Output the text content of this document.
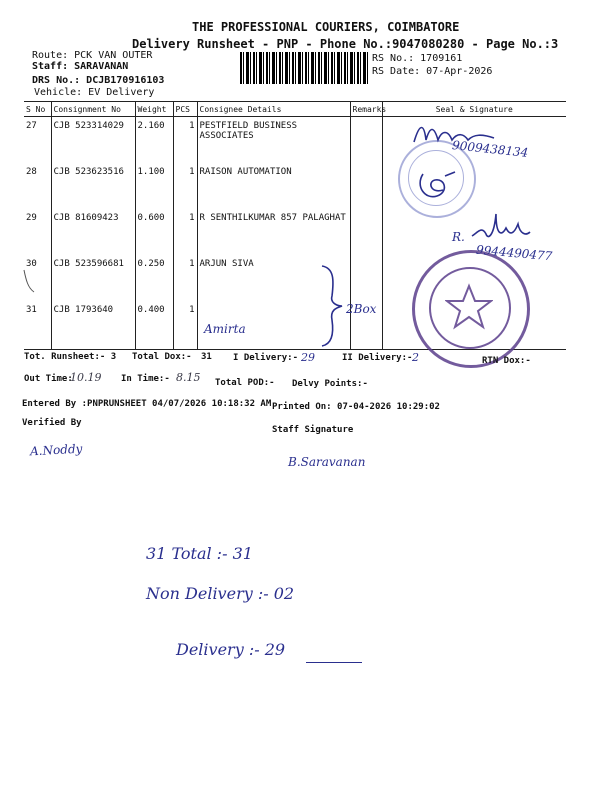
THE PROFESSIONAL COURIERS, COIMBATORE
Delivery Runsheet - PNP - Phone No.:9047080280 - Page No.:3
Route: PCK VAN OUTER
Staff: SARAVANAN
DRS No.: DCJB170916103
Vehicle: EV Delivery
RS No.: 1709161
RS Date: 07-Apr-2026
S No	Consignment No	Weight	PCS	Consignee Details	Remarks	Seal & Signature
27	CJB 523314029	2.160	1	PESTFIELD BUSINESS ASSOCIATES		
28	CJB 523623516	1.100	1	RAISON AUTOMATION		
29	CJB 81609423	0.600	1	R SENTHILKUMAR 857 PALAGHAT		
30	CJB 523596681	0.250	1	ARJUN SIVA		
31	CJB 1793640	0.400	1			
9009438134
R.
9944490477
2Box
Amirta
Tot. Runsheet:- 3 Total Dox:- 31 I Delivery:- 29	II Delivery:- 2	RTN Dox:-
Out Time:
10.19 In Time:- 8.15 Total POD:- Delvy Points:-
Entered By :PNPRUNSHEET 04/07/2026 10:18:32 AM Printed On: 07-04-2026 10:29:02
Verified By
Staff Signature
A.Noddy
B.Saravanan
31 Total :- 31
Non Delivery :- 02
Delivery :- 29
